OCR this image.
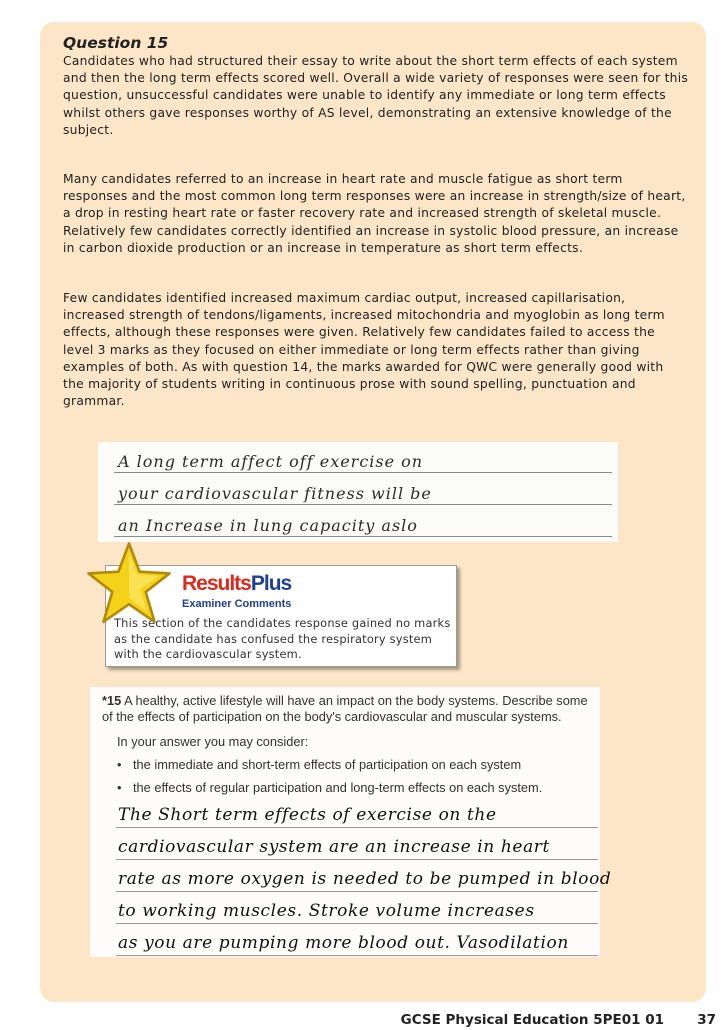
Question 15

Candidates who had structured their essay to write about the short term effects of each system and then the long term effects scored well. Overall a wide variety of responses were seen for this question, unsuccessful candidates were unable to identify any immediate or long term effects whilst others gave responses worthy of AS level, demonstrating an extensive knowledge of the subject.

Many candidates referred to an increase in heart rate and muscle fatigue as short term responses and the most common long term responses were an increase in strength/size of heart, a drop in resting heart rate or faster recovery rate and increased strength of skeletal muscle. Relatively few candidates correctly identified an increase in systolic blood pressure, an increase in carbon dioxide production or an increase in temperature as short term effects.

Few candidates identified increased maximum cardiac output, increased capillarisation, increased strength of tendons/ligaments, increased mitochondria and myoglobin as long term effects, although these responses were given. Relatively few candidates failed to access the level 3 marks as they focused on either immediate or long term effects rather than giving examples of both. As with question 14, the marks awarded for QWC were generally good with the majority of students writing in continuous prose with sound spelling, punctuation and grammar.

A long term affect off exercise on
your cardiovascular fitness will be
an Increase in lung capacity aslo
ResultsPlus
Examiner Comments

This section of the candidates response gained no marks as the candidate has confused the respiratory system with the cardiovascular system.

*15 A healthy, active lifestyle will have an impact on the body systems. Describe some of the effects of participation on the body's cardiovascular and muscular systems.

In your answer you may consider:
• the immediate and short-term effects of participation on each system
• the effects of regular participation and long-term effects on each system.
The Short term effects of exercise on the
cardiovascular system are an increase in heart
rate as more oxygen is needed to be pumped in blood
to working muscles. Stroke volume increases
as you are pumping more blood out. Vasodilation
GCSE Physical Education 5PE01 01 37
